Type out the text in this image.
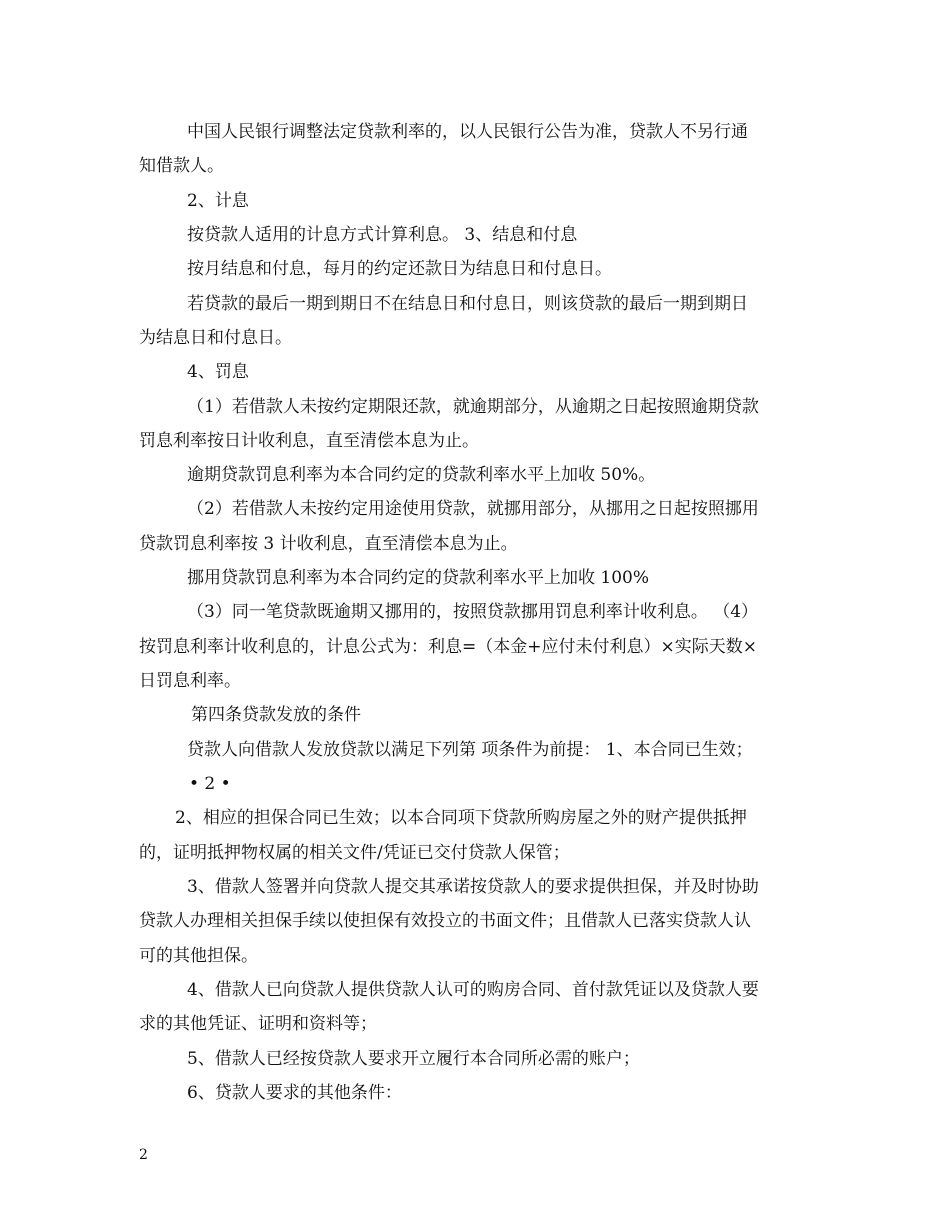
中国人民银行调整法定贷款利率的，以人民银行公告为准，贷款人不另行通
知借款人。
2、计息
按贷款人适用的计息方式计算利息。 3、结息和付息
按月结息和付息，每月的约定还款日为结息日和付息日。
若贷款的最后一期到期日不在结息日和付息日，则该贷款的最后一期到期日
为结息日和付息日。
4、罚息
（1）若借款人未按约定期限还款，就逾期部分，从逾期之日起按照逾期贷款
罚息利率按日计收利息，直至清偿本息为止。
逾期贷款罚息利率为本合同约定的贷款利率水平上加收 50%。
（2）若借款人未按约定用途使用贷款，就挪用部分，从挪用之日起按照挪用
贷款罚息利率按 3 计收利息，直至清偿本息为止。
挪用贷款罚息利率为本合同约定的贷款利率水平上加收 100%
（3）同一笔贷款既逾期又挪用的，按照贷款挪用罚息利率计收利息。 （4）
按罚息利率计收利息的，计息公式为：利息=（本金+应付未付利息）×实际天数×
日罚息利率。
第四条贷款发放的条件
贷款人向借款人发放贷款以满足下列第 项条件为前提： 1、本合同已生效；
• 2 •
2、相应的担保合同已生效；以本合同项下贷款所购房屋之外的财产提供抵押
的，证明抵押物权属的相关文件/凭证已交付贷款人保管；
3、借款人签署并向贷款人提交其承诺按贷款人的要求提供担保，并及时协助
贷款人办理相关担保手续以使担保有效投立的书面文件；且借款人已落实贷款人认
可的其他担保。
4、借款人已向贷款人提供贷款人认可的购房合同、首付款凭证以及贷款人要
求的其他凭证、证明和资料等；
5、借款人已经按贷款人要求开立履行本合同所必需的账户；
6、贷款人要求的其他条件：
2
